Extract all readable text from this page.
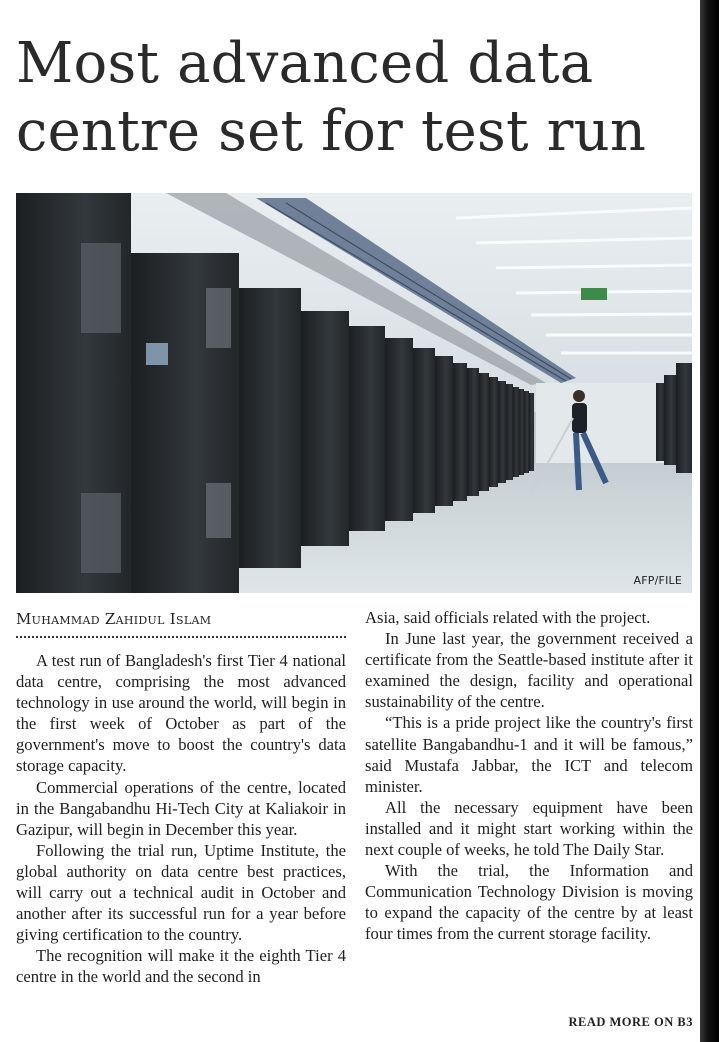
Most advanced data centre set for test run
AFP/FILE
Muhammad Zahidul Islam

A test run of Bangladesh's first Tier 4 national data centre, comprising the most advanced technology in use around the world, will begin in the first week of October as part of the government's move to boost the country's data storage capacity.

Commercial operations of the centre, located in the Bangabandhu Hi-Tech City at Kaliakoir in Gazipur, will begin in December this year.

Following the trial run, Uptime Institute, the global authority on data centre best practices, will carry out a technical audit in October and another after its successful run for a year before giving certification to the country.

The recognition will make it the eighth Tier 4 centre in the world and the second in

Asia, said officials related with the project.

In June last year, the government received a certificate from the Seattle-based institute after it examined the design, facility and operational sustainability of the centre.

“This is a pride project like the country's first satellite Bangabandhu-1 and it will be famous,” said Mustafa Jabbar, the ICT and telecom minister.

All the necessary equipment have been installed and it might start working within the next couple of weeks, he told The Daily Star.

With the trial, the Information and Communication Technology Division is moving to expand the capacity of the centre by at least four times from the current storage facility.

READ MORE ON B3
